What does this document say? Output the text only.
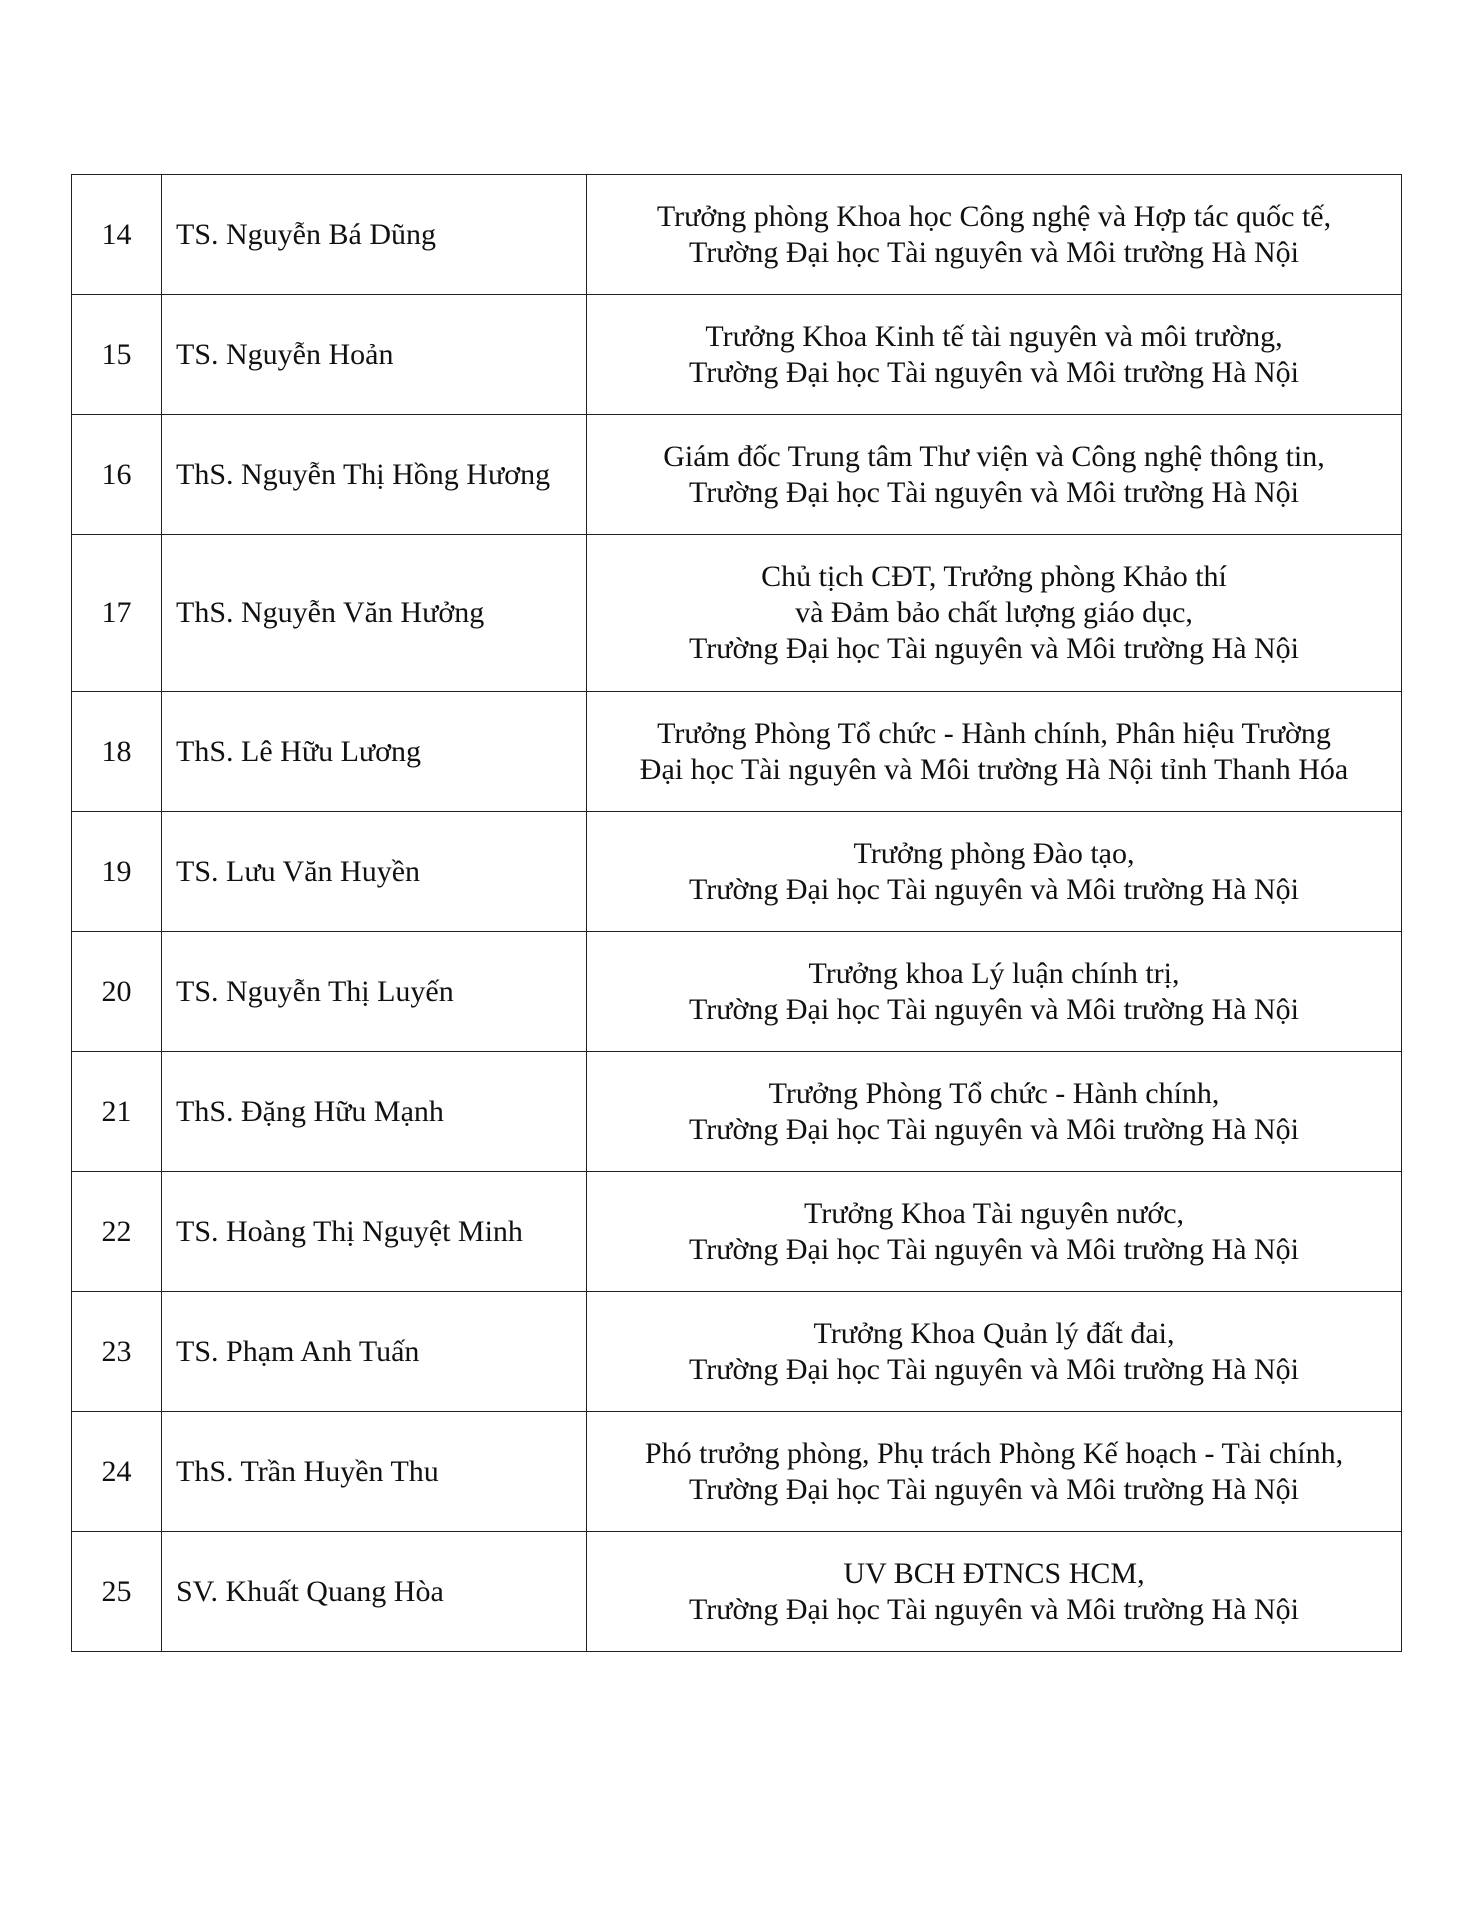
14	TS. Nguyễn Bá Dũng	Trưởng phòng Khoa học Công nghệ và Hợp tác quốc tế,
Trường Đại học Tài nguyên và Môi trường Hà Nội

15	TS. Nguyễn Hoản	Trưởng Khoa Kinh tế tài nguyên và môi trường,
Trường Đại học Tài nguyên và Môi trường Hà Nội

16	ThS. Nguyễn Thị Hồng Hương	Giám đốc Trung tâm Thư viện và Công nghệ thông tin,
Trường Đại học Tài nguyên và Môi trường Hà Nội

17	ThS. Nguyễn Văn Hưởng	Chủ tịch CĐT, Trưởng phòng Khảo thí
và Đảm bảo chất lượng giáo dục,
Trường Đại học Tài nguyên và Môi trường Hà Nội

18	ThS. Lê Hữu Lương	Trưởng Phòng Tổ chức - Hành chính, Phân hiệu Trường
Đại học Tài nguyên và Môi trường Hà Nội tỉnh Thanh Hóa

19	TS. Lưu Văn Huyền	Trưởng phòng Đào tạo,
Trường Đại học Tài nguyên và Môi trường Hà Nội

20	TS. Nguyễn Thị Luyến	Trưởng khoa Lý luận chính trị,
Trường Đại học Tài nguyên và Môi trường Hà Nội

21	ThS. Đặng Hữu Mạnh	Trưởng Phòng Tổ chức - Hành chính,
Trường Đại học Tài nguyên và Môi trường Hà Nội

22	TS. Hoàng Thị Nguyệt Minh	Trưởng Khoa Tài nguyên nước,
Trường Đại học Tài nguyên và Môi trường Hà Nội

23	TS. Phạm Anh Tuấn	Trưởng Khoa Quản lý đất đai,
Trường Đại học Tài nguyên và Môi trường Hà Nội

24	ThS. Trần Huyền Thu	Phó trưởng phòng, Phụ trách Phòng Kế hoạch - Tài chính,
Trường Đại học Tài nguyên và Môi trường Hà Nội

25	SV. Khuất Quang Hòa	UV BCH ĐTNCS HCM,
Trường Đại học Tài nguyên và Môi trường Hà Nội
